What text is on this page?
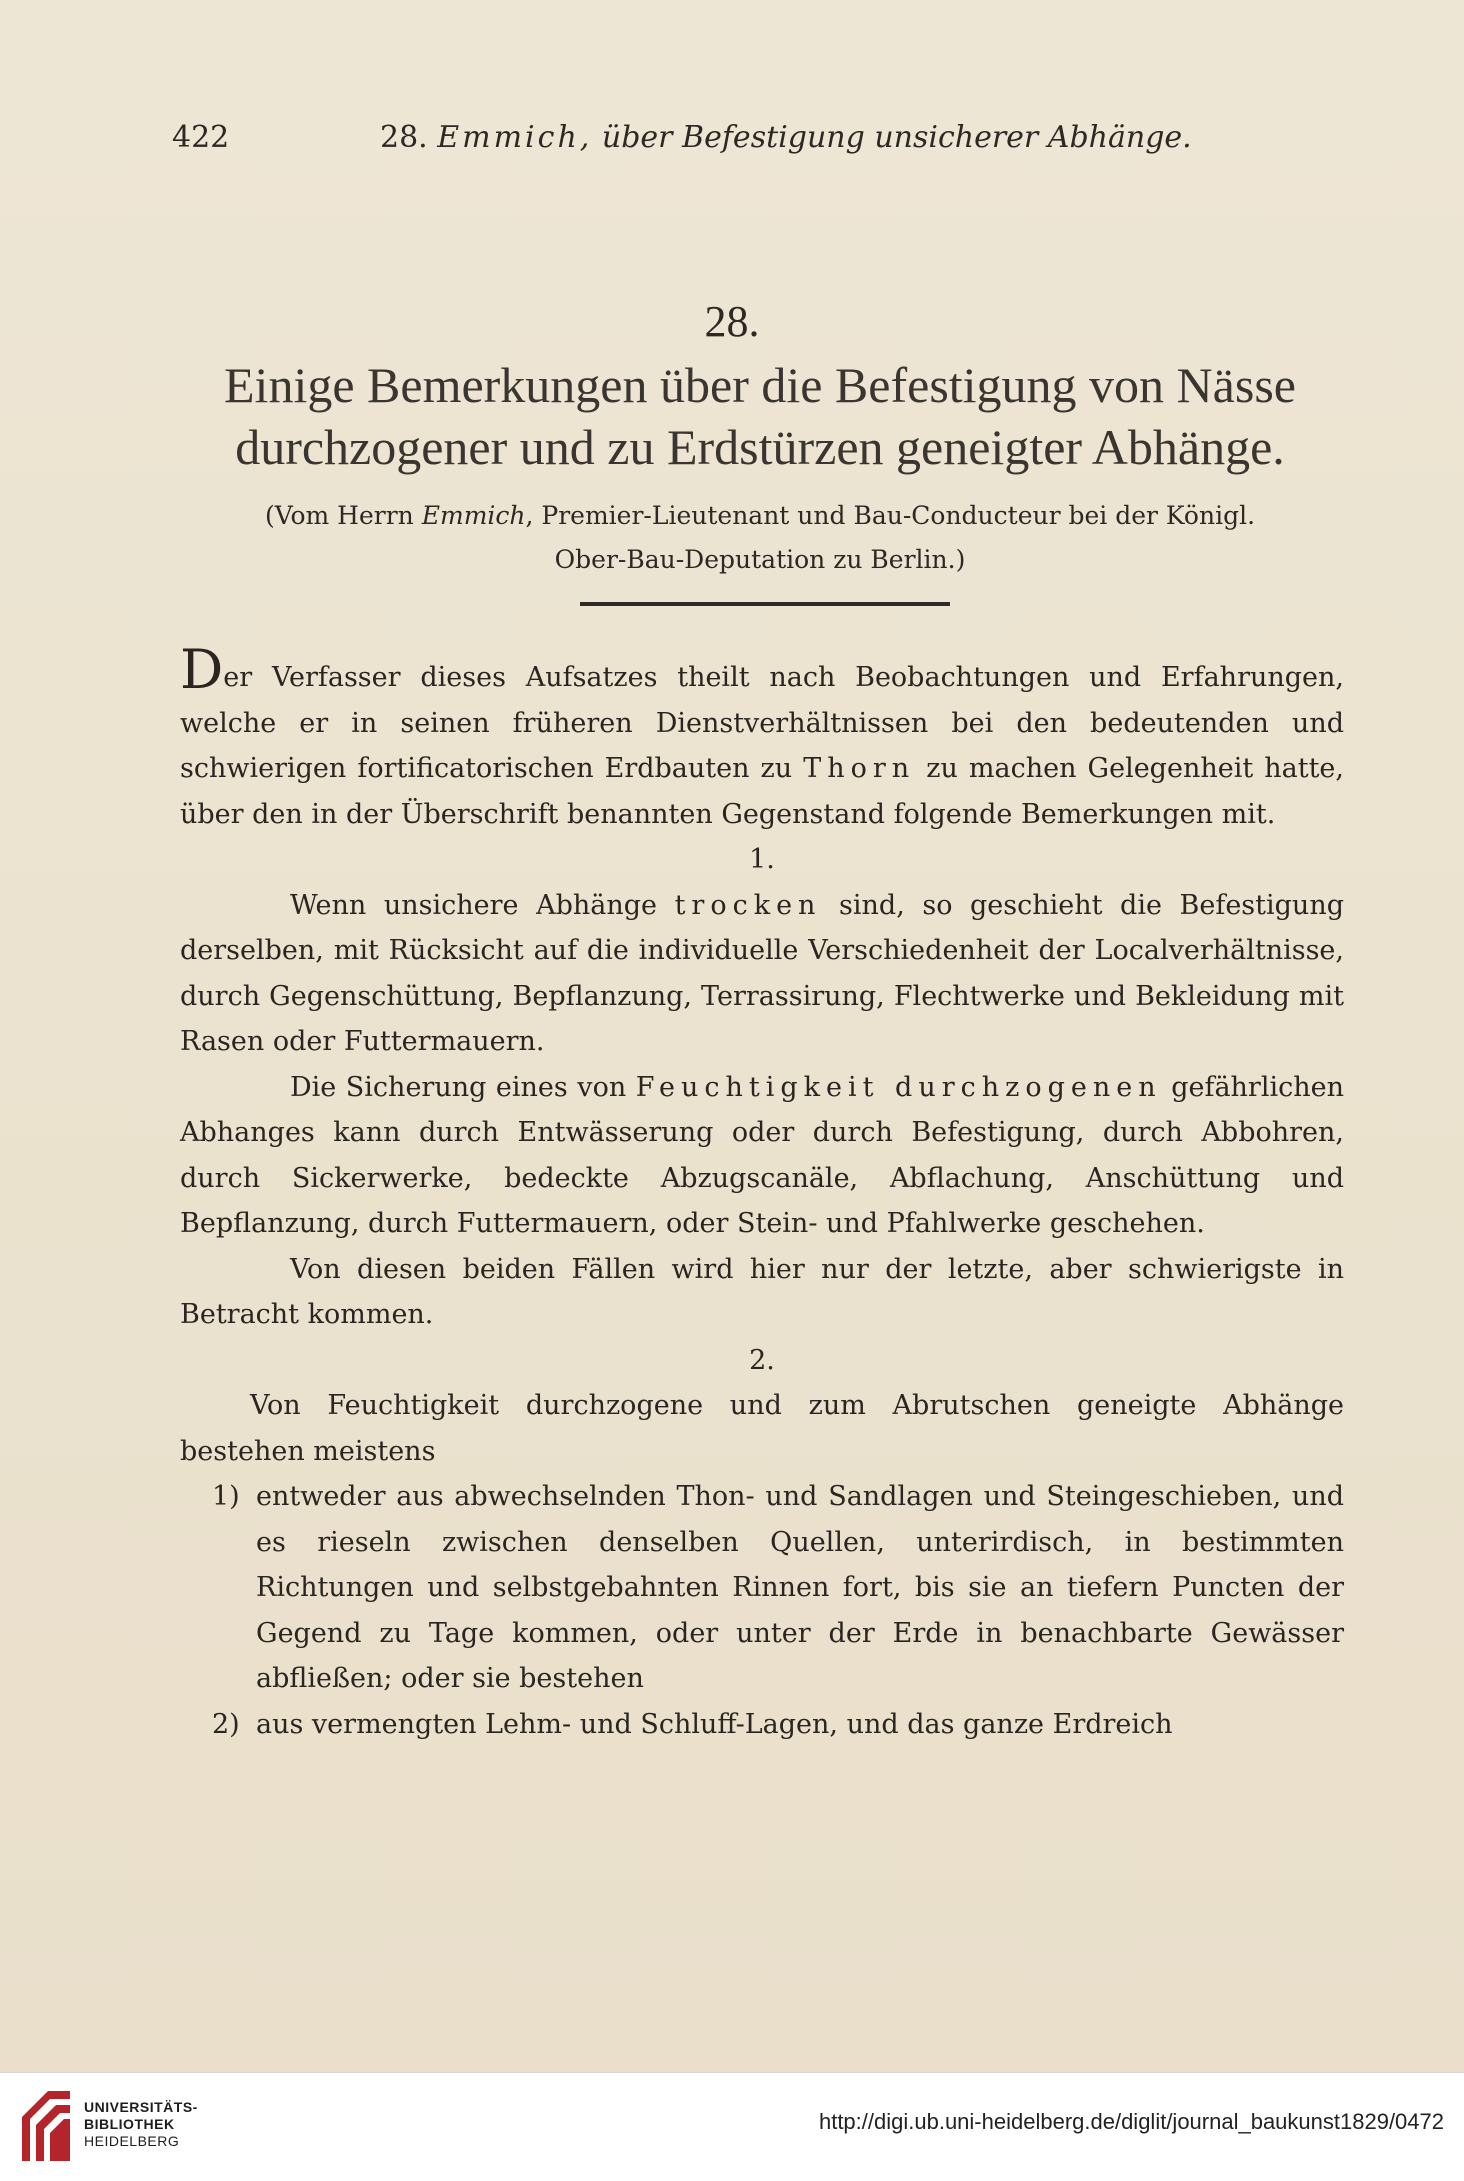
422	28. Emmich, über Befestigung unsicherer Abhänge.
28.
Einige Bemerkungen über die Befestigung von Nässe
durchzogener und zu Erdstürzen geneigter Abhänge.
(Vom Herrn Emmich, Premier-Lieutenant und Bau-Conducteur bei der Königl.
Ober-Bau-Deputation zu Berlin.)

Der Verfasser dieses Aufsatzes theilt nach Beobachtungen und Erfahrungen, welche er in seinen früheren Dienstverhältnissen bei den bedeutenden und schwierigen fortificatorischen Erdbauten zu Thorn zu machen Gelegenheit hatte, über den in der Überschrift benannten Gegenstand folgende Bemerkungen mit.

1.

Wenn unsichere Abhänge trocken sind, so geschieht die Befestigung derselben, mit Rücksicht auf die individuelle Verschiedenheit der Localverhältnisse, durch Gegenschüttung, Bepflanzung, Terrassirung, Flechtwerke und Bekleidung mit Rasen oder Futtermauern.

Die Sicherung eines von Feuchtigkeit durchzogenen gefährlichen Abhanges kann durch Entwässerung oder durch Befestigung, durch Abbohren, durch Sickerwerke, bedeckte Abzugscanäle, Abflachung, Anschüttung und Bepflanzung, durch Futtermauern, oder Stein- und Pfahlwerke geschehen.

Von diesen beiden Fällen wird hier nur der letzte, aber schwierigste in Betracht kommen.

2.

Von Feuchtigkeit durchzogene und zum Abrutschen geneigte Abhänge bestehen meistens

1) entweder aus abwechselnden Thon- und Sandlagen und Steingeschieben, und es rieseln zwischen denselben Quellen, unterirdisch, in bestimmten Richtungen und selbstgebahnten Rinnen fort, bis sie an tiefern Puncten der Gegend zu Tage kommen, oder unter der Erde in benachbarte Gewässer abfließen; oder sie bestehen

2) aus vermengten Lehm- und Schluff-Lagen, und das ganze Erdreich

UNIVERSITÄTS-
BIBLIOTHEK
HEIDELBERG
http://digi.ub.uni-heidelberg.de/diglit/journal_baukunst1829/0472
